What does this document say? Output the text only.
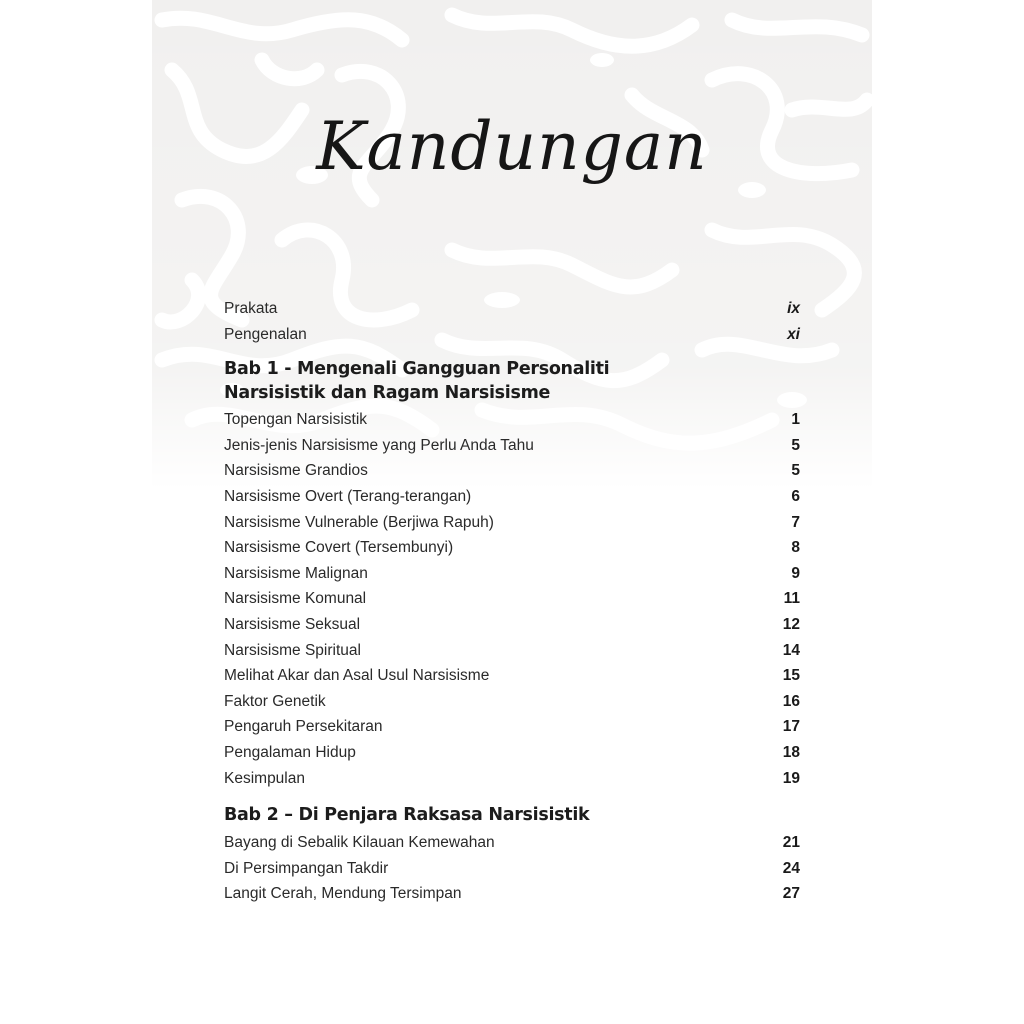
Kandungan
Prakata	ix
Pengenalan	xi
Bab 1 - Mengenali Gangguan Personaliti Narsisistik dan Ragam Narsisisme
Topengan Narsisistik	1
Jenis-jenis Narsisisme yang Perlu Anda Tahu	5
Narsisisme Grandios	5
Narsisisme Overt (Terang-terangan)	6
Narsisisme Vulnerable (Berjiwa Rapuh)	7
Narsisisme Covert (Tersembunyi)	8
Narsisisme Malignan	9
Narsisisme Komunal	11
Narsisisme Seksual	12
Narsisisme Spiritual	14
Melihat Akar dan Asal Usul Narsisisme	15
Faktor Genetik	16
Pengaruh Persekitaran	17
Pengalaman Hidup	18
Kesimpulan	19
Bab 2 – Di Penjara Raksasa Narsisistik
Bayang di Sebalik Kilauan Kemewahan	21
Di Persimpangan Takdir	24
Langit Cerah, Mendung Tersimpan	27
